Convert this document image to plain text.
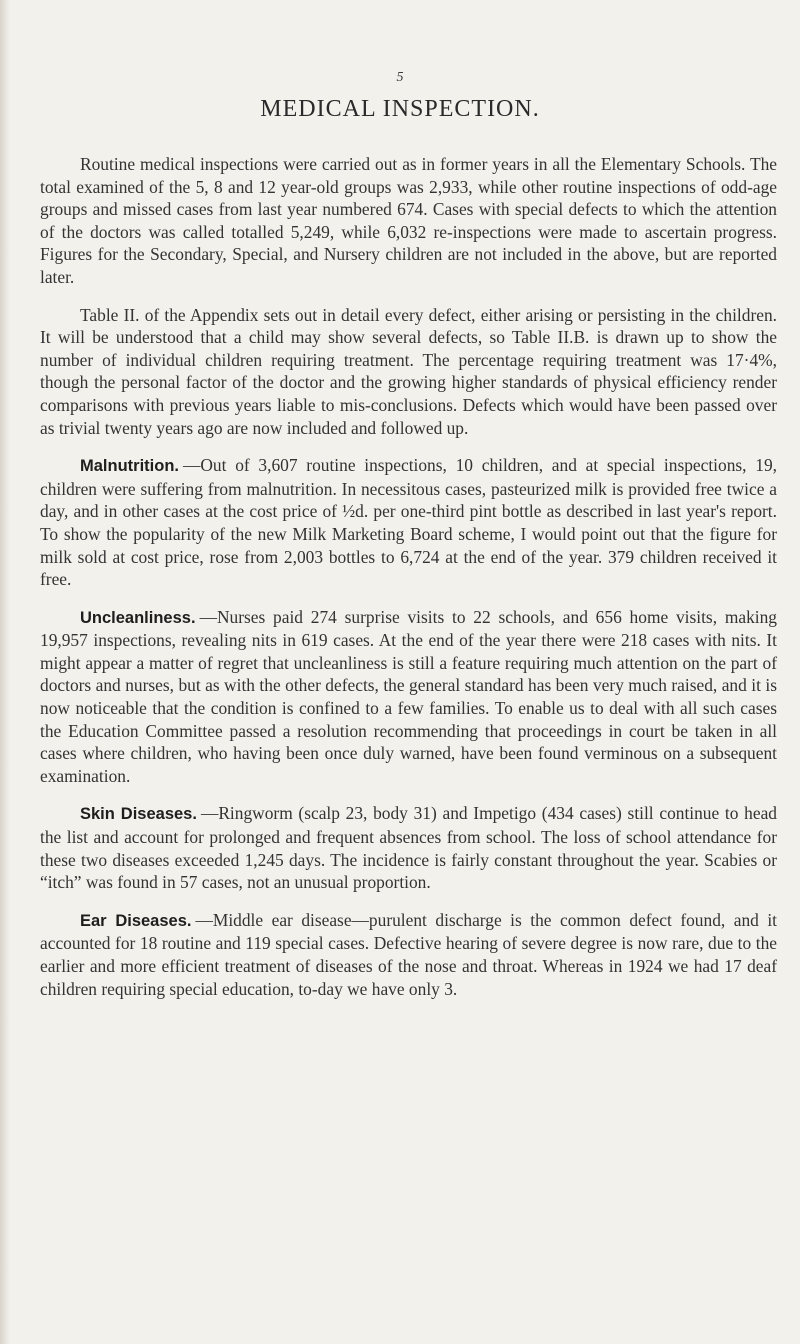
5
MEDICAL INSPECTION.

Routine medical inspections were carried out as in former years in all the Elementary Schools. The total examined of the 5, 8 and 12 year-old groups was 2,933, while other routine inspections of odd-age groups and missed cases from last year numbered 674. Cases with special defects to which the attention of the doctors was called totalled 5,249, while 6,032 re-inspections were made to ascertain progress. Figures for the Secondary, Special, and Nursery children are not included in the above, but are reported later.

Table II. of the Appendix sets out in detail every defect, either arising or persisting in the children. It will be understood that a child may show several defects, so Table II.B. is drawn up to show the number of individual children requiring treatment. The percentage requiring treatment was 17·4%, though the personal factor of the doctor and the growing higher standards of physical efficiency render comparisons with previous years liable to mis-conclusions. Defects which would have been passed over as trivial twenty years ago are now included and followed up.

Malnutrition. —Out of 3,607 routine inspections, 10 children, and at special inspections, 19, children were suffering from malnutrition. In necessitous cases, pasteurized milk is provided free twice a day, and in other cases at the cost price of ½d. per one-third pint bottle as described in last year's report. To show the popularity of the new Milk Marketing Board scheme, I would point out that the figure for milk sold at cost price, rose from 2,003 bottles to 6,724 at the end of the year. 379 children received it free.

Uncleanliness. —Nurses paid 274 surprise visits to 22 schools, and 656 home visits, making 19,957 inspections, revealing nits in 619 cases. At the end of the year there were 218 cases with nits. It might appear a matter of regret that uncleanliness is still a feature requiring much attention on the part of doctors and nurses, but as with the other defects, the general standard has been very much raised, and it is now noticeable that the condition is confined to a few families. To enable us to deal with all such cases the Education Committee passed a resolution recommending that proceedings in court be taken in all cases where children, who having been once duly warned, have been found verminous on a subsequent examination.

Skin Diseases. —Ringworm (scalp 23, body 31) and Impetigo (434 cases) still continue to head the list and account for prolonged and frequent absences from school. The loss of school attendance for these two diseases exceeded 1,245 days. The incidence is fairly constant throughout the year. Scabies or “itch” was found in 57 cases, not an unusual proportion.

Ear Diseases. —Middle ear disease—purulent discharge is the common defect found, and it accounted for 18 routine and 119 special cases. Defective hearing of severe degree is now rare, due to the earlier and more efficient treatment of diseases of the nose and throat. Whereas in 1924 we had 17 deaf children requiring special education, to-day we have only 3.
